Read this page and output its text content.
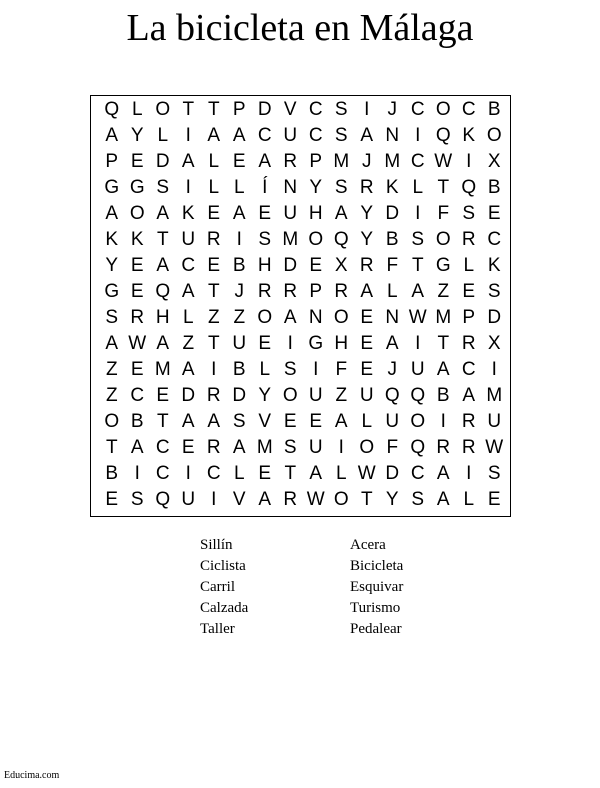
La bicicleta en Málaga
Q L O T T P D V C S I J C O C B
A Y L I A A C U C S A N I Q K O
P E D A L E A R P M J M C W I X
G G S I L L Í N Y S R K L T Q B
A O A K E A E U H A Y D I F S E
K K T U R I S M O Q Y B S O R C
Y E A C E B H D E X R F T G L K
G E Q A T J R R P R A L A Z E S
S R H L Z Z O A N O E N W M P D
A W A Z T U E I G H E A I T R X
Z E M A I B L S I F E J U A C I
Z C E D R D Y O U Z U Q Q B A M
O B T A A S V E E A L U O I R U
T A C E R A M S U I O F Q R R W
B I C I C L E T A L W D C A I S
E S Q U I V A R W O T Y S A L E
Sillín
Ciclista
Carril
Calzada
Taller
Acera
Bicicleta
Esquivar
Turismo
Pedalear
Educima.com
